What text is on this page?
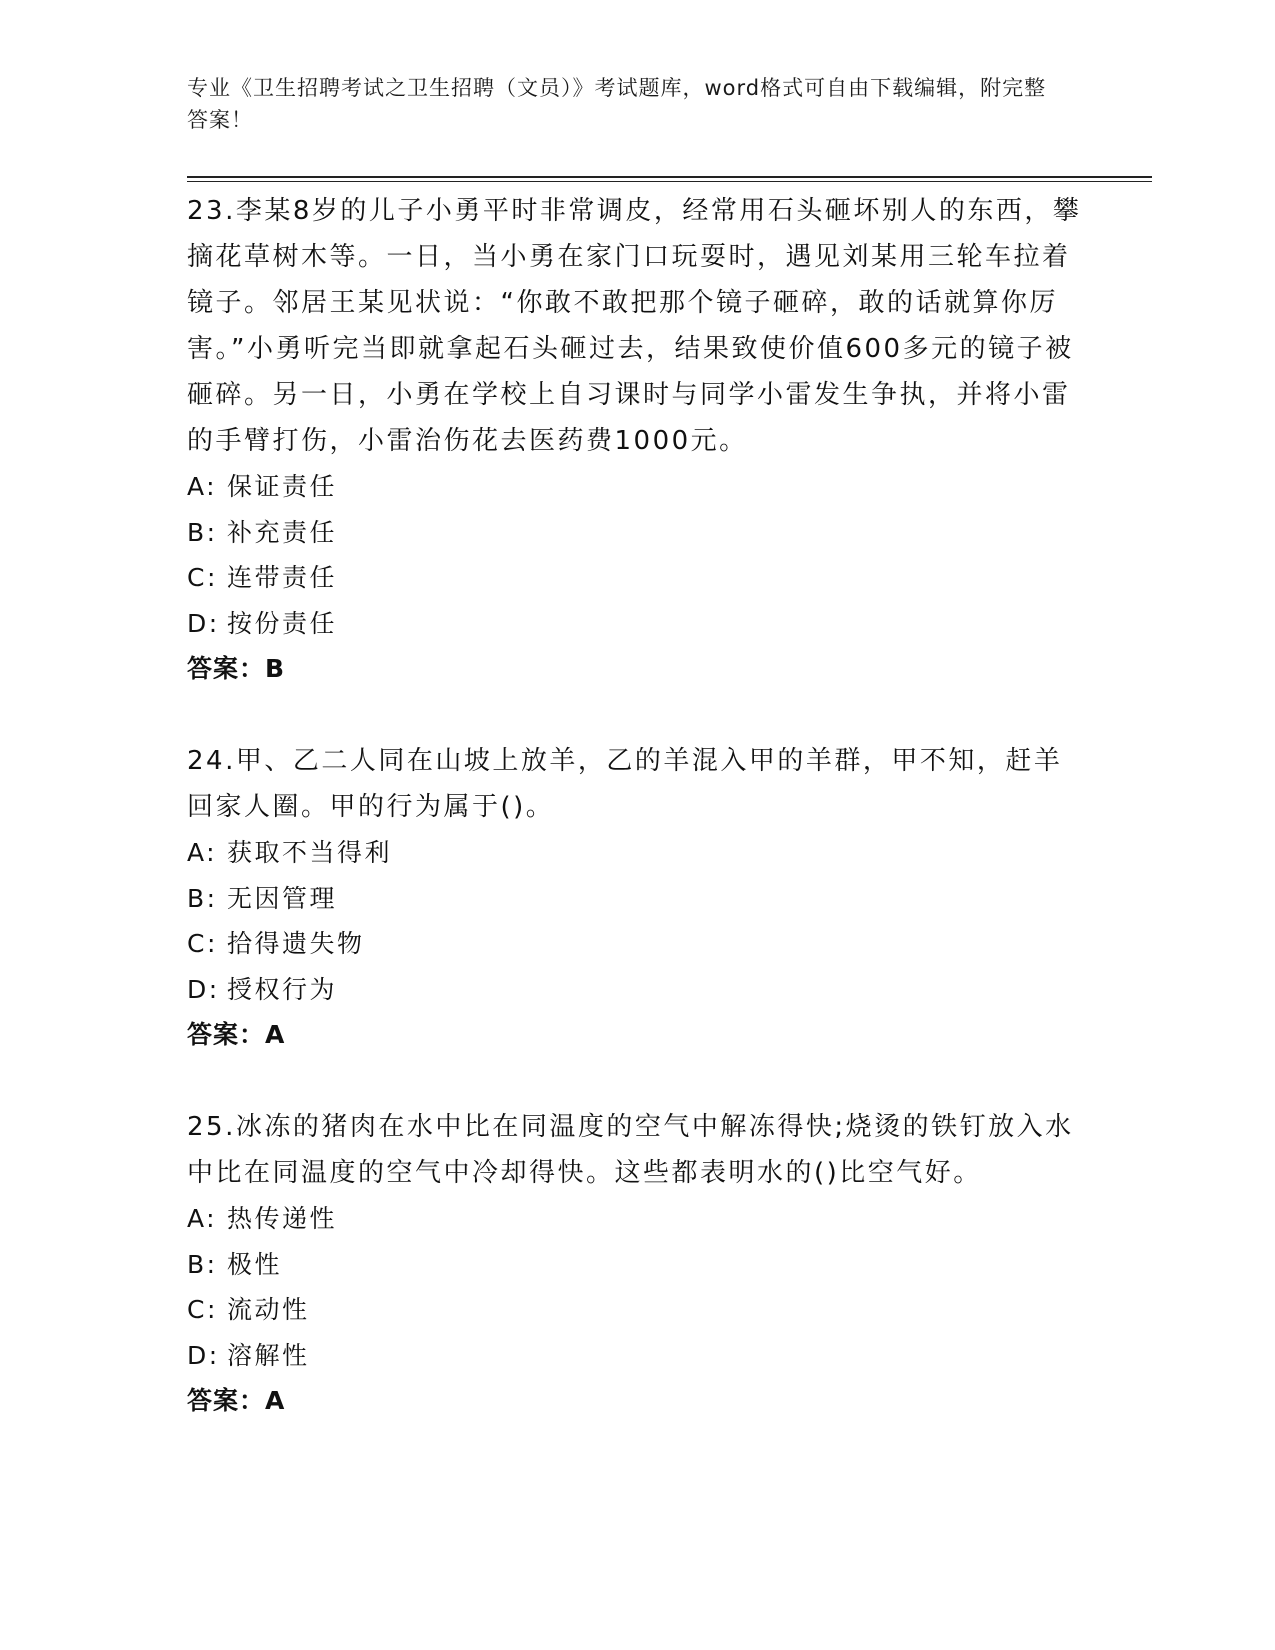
专业《卫生招聘考试之卫生招聘（文员）》考试题库，word格式可自由下载编辑，附完整答案！

23.李某8岁的儿子小勇平时非常调皮，经常用石头砸坏别人的东西，攀摘花草树木等。一日，当小勇在家门口玩耍时，遇见刘某用三轮车拉着镜子。邻居王某见状说：“你敢不敢把那个镜子砸碎，敢的话就算你厉害。”小勇听完当即就拿起石头砸过去，结果致使价值600多元的镜子被砸碎。另一日，小勇在学校上自习课时与同学小雷发生争执，并将小雷的手臂打伤，小雷治伤花去医药费1000元。

A: 保证责任

B: 补充责任

C: 连带责任

D: 按份责任

答案：B

24.甲、乙二人同在山坡上放羊，乙的羊混入甲的羊群，甲不知，赶羊回家人圈。甲的行为属于()。

A: 获取不当得利

B: 无因管理

C: 拾得遗失物

D: 授权行为

答案：A

25.冰冻的猪肉在水中比在同温度的空气中解冻得快;烧烫的铁钉放入水中比在同温度的空气中冷却得快。这些都表明水的()比空气好。

A: 热传递性

B: 极性

C: 流动性

D: 溶解性

答案：A
